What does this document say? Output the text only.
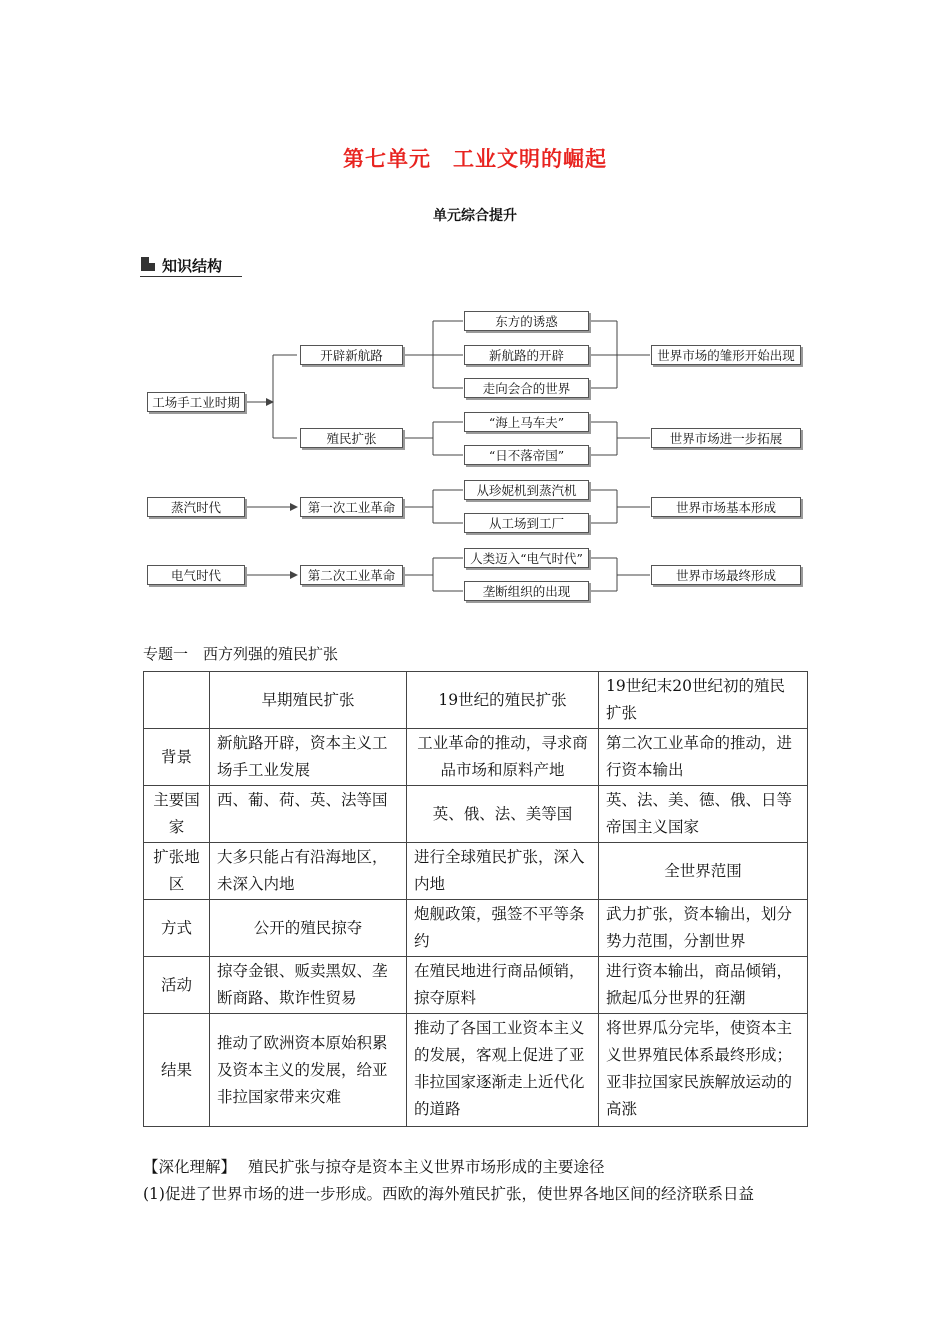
第七单元　工业文明的崛起
单元综合提升
知识结构
工场手工业时期
蒸汽时代
电气时代
开辟新航路
殖民扩张
第一次工业革命
第二次工业革命
东方的诱惑
新航路的开辟
走向会合的世界
“海上马车夫”
“日不落帝国”
从珍妮机到蒸汽机
从工场到工厂
人类迈入“电气时代”
垄断组织的出现
世界市场的雏形开始出现
世界市场进一步拓展
世界市场基本形成
世界市场最终形成
专题一　西方列强的殖民扩张
	早期殖民扩张	19世纪的殖民扩张	19世纪末20世纪初的殖民扩张
背景	新航路开辟，资本主义工场手工业发展	工业革命的推动，寻求商品市场和原料产地	第二次工业革命的推动，进行资本输出
主要国家	西、葡、荷、英、法等国	英、俄、法、美等国	英、法、美、德、俄、日等帝国主义国家
扩张地区	大多只能占有沿海地区，未深入内地	进行全球殖民扩张，深入内地	全世界范围
方式	公开的殖民掠夺	炮舰政策，强签不平等条约	武力扩张，资本输出，划分势力范围，分割世界
活动	掠夺金银、贩卖黑奴、垄断商路、欺诈性贸易	在殖民地进行商品倾销，掠夺原料	进行资本输出，商品倾销，掀起瓜分世界的狂潮
结果	推动了欧洲资本原始积累及资本主义的发展，给亚非拉国家带来灾难	推动了各国工业资本主义的发展，客观上促进了亚非拉国家逐渐走上近代化的道路	将世界瓜分完毕，使资本主义世界殖民体系最终形成；亚非拉国家民族解放运动的高涨

【深化理解】 殖民扩张与掠夺是资本主义世界市场形成的主要途径

(1)促进了世界市场的进一步形成。西欧的海外殖民扩张，使世界各地区间的经济联系日益
